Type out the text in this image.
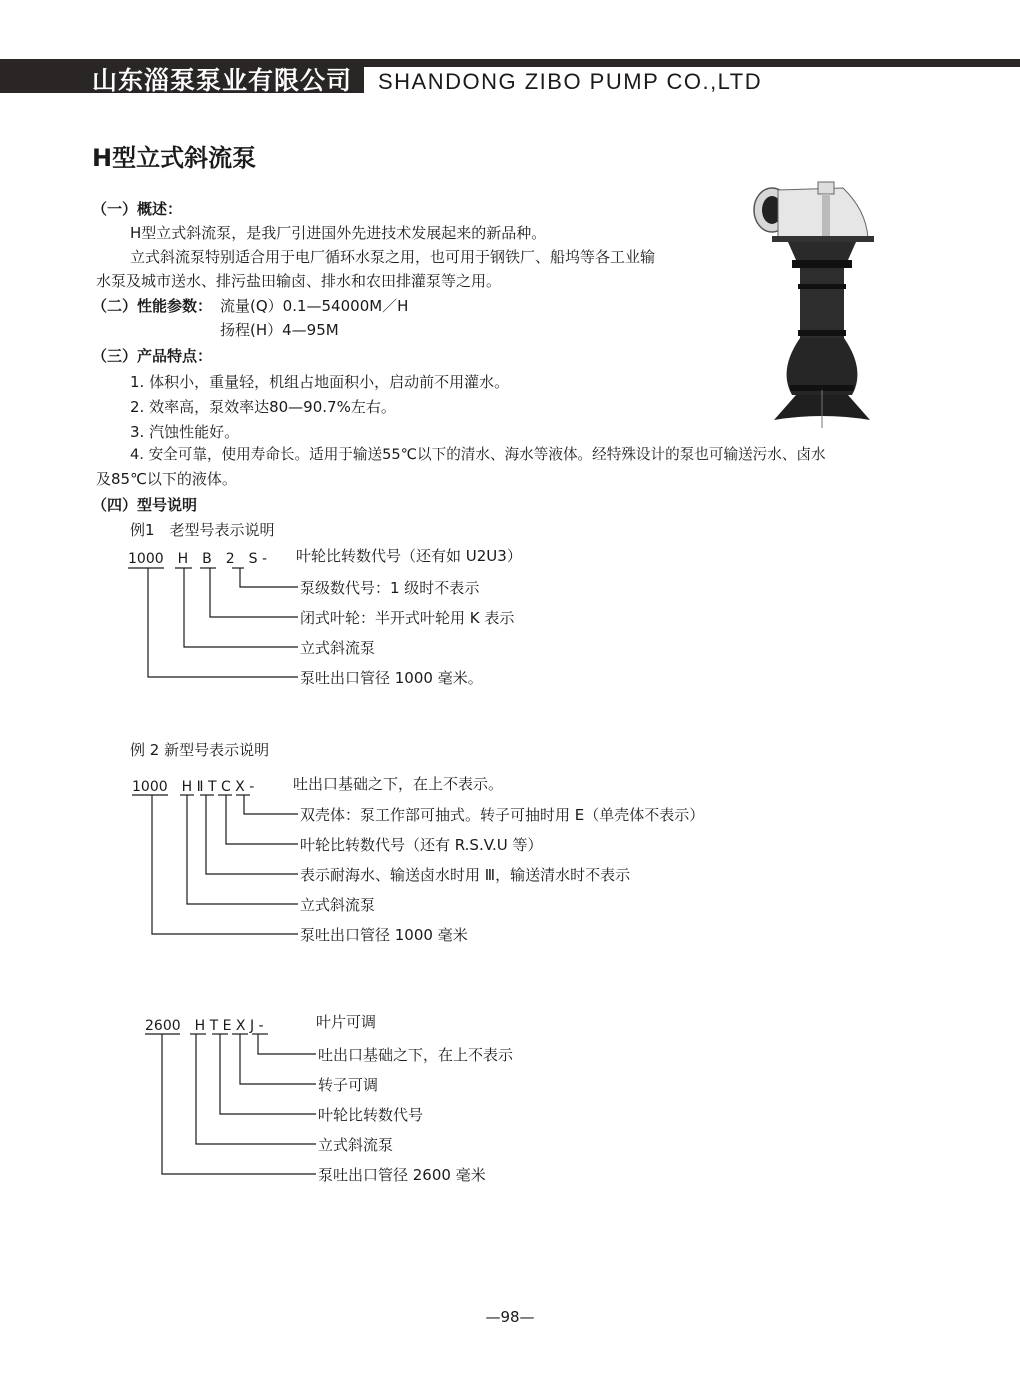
山东淄泵泵业有限公司 SHANDONG ZIBO PUMP CO.,LTD
H型立式斜流泵
（一）概述：
H型立式斜流泵，是我厂引进国外先进技术发展起来的新品种。
立式斜流泵特别适合用于电厂循环水泵之用，也可用于钢铁厂、船坞等各工业输
水泵及城市送水、排污盐田输卤、排水和农田排灌泵等之用。
（二）性能参数： 流量(Q）0.1—54000M／H
扬程(H）4—95M
（三）产品特点：
1. 体积小，重量轻，机组占地面积小，启动前不用灌水。
2. 效率高，泵效率达80—90.7%左右。
3. 汽蚀性能好。
4. 安全可靠，使用寿命长。适用于输送55℃以下的清水、海水等液体。经特殊设计的泵也可输送污水、卤水
及85℃以下的液体。
（四）型号说明
例1　老型号表示说明
1000　H　B　2　S - 叶轮比转数代号（还有如 U2U3）
泵级数代号：1 级时不表示
闭式叶轮：半开式叶轮用 K 表示
立式斜流泵
泵吐出口管径 1000 毫米。
例 2 新型号表示说明
1000　H Ⅱ T C X -	吐出口基础之下，在上不表示。
双壳体：泵工作部可抽式。转子可抽时用 E（单壳体不表示）
叶轮比转数代号（还有 R.S.V.U 等）
表示耐海水、输送卤水时用 Ⅲ，输送清水时不表示
立式斜流泵
泵吐出口管径 1000 毫米
2600　H T E X J -	叶片可调
吐出口基础之下，在上不表示
转子可调
叶轮比转数代号
立式斜流泵
泵吐出口管径 2600 毫米
—98—
